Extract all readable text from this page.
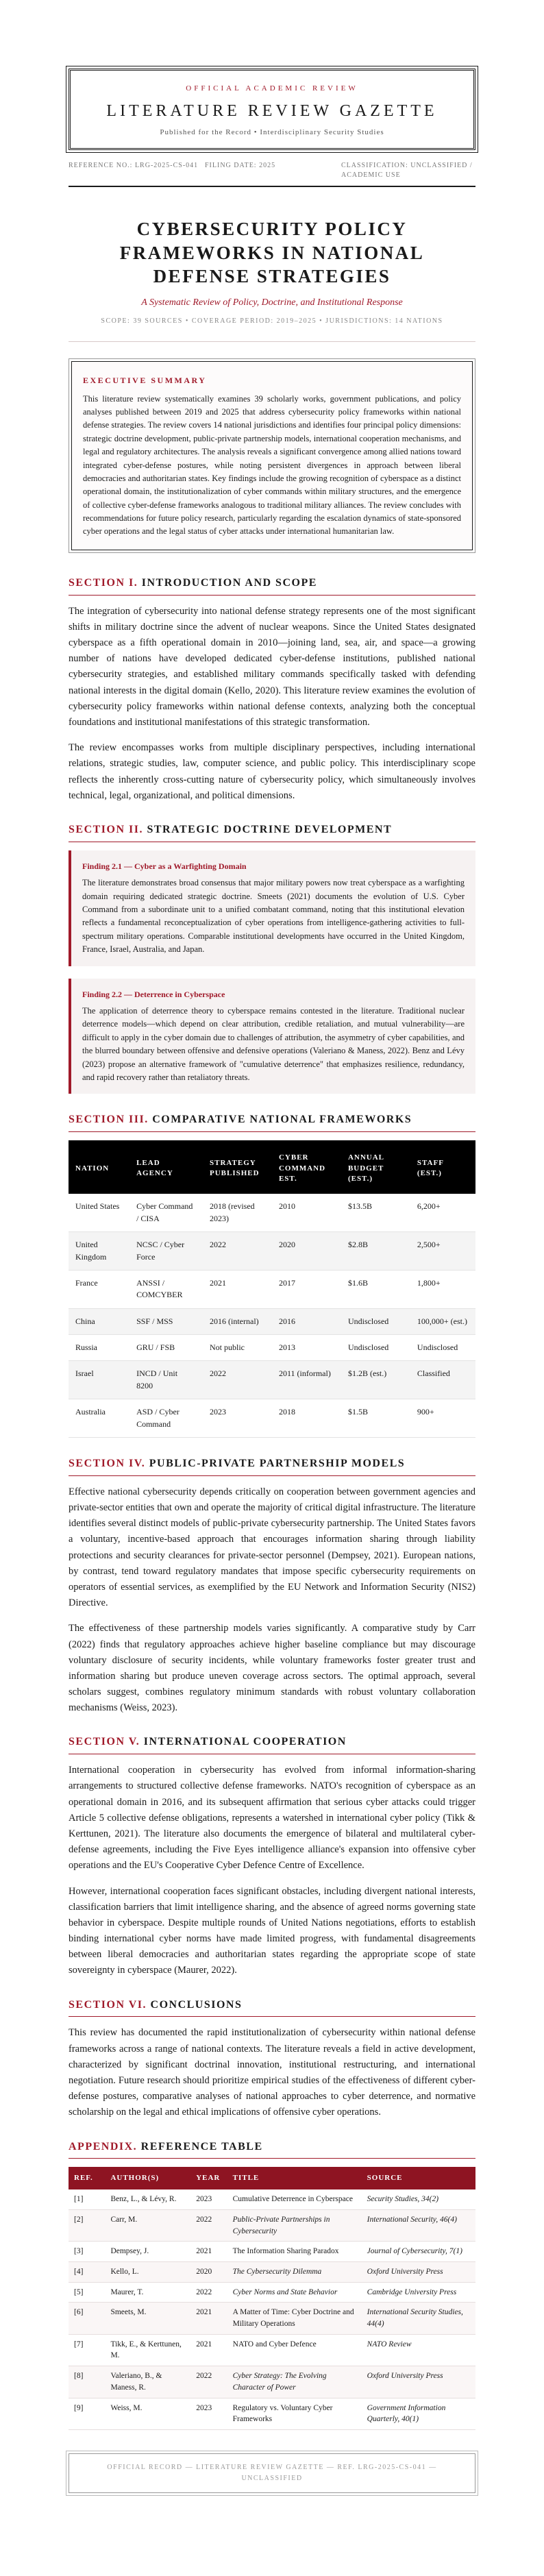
OFFICIAL ACADEMIC REVIEW
LITERATURE REVIEW GAZETTE
Published for the Record • Interdisciplinary Security Studies
REFERENCE NO.: LRG-2025-CS-041 FILING DATE: 2025	CLASSIFICATION: UNCLASSIFIED / ACADEMIC USE
CYBERSECURITY POLICY FRAMEWORKS IN NATIONAL DEFENSE STRATEGIES
A Systematic Review of Policy, Doctrine, and Institutional Response
SCOPE: 39 SOURCES • COVERAGE PERIOD: 2019–2025 • JURISDICTIONS: 14 NATIONS
EXECUTIVE SUMMARY

This literature review systematically examines 39 scholarly works, government publications, and policy analyses published between 2019 and 2025 that address cybersecurity policy frameworks within national defense strategies. The review covers 14 national jurisdictions and identifies four principal policy dimensions: strategic doctrine development, public-private partnership models, international cooperation mechanisms, and legal and regulatory architectures. The analysis reveals a significant convergence among allied nations toward integrated cyber-defense postures, while noting persistent divergences in approach between liberal democracies and authoritarian states. Key findings include the growing recognition of cyberspace as a distinct operational domain, the institutionalization of cyber commands within military structures, and the emergence of collective cyber-defense frameworks analogous to traditional military alliances. The review concludes with recommendations for future policy research, particularly regarding the escalation dynamics of state-sponsored cyber operations and the legal status of cyber attacks under international humanitarian law.

SECTION I. INTRODUCTION AND SCOPE

The integration of cybersecurity into national defense strategy represents one of the most significant shifts in military doctrine since the advent of nuclear weapons. Since the United States designated cyberspace as a fifth operational domain in 2010—joining land, sea, air, and space—a growing number of nations have developed dedicated cyber-defense institutions, published national cybersecurity strategies, and established military commands specifically tasked with defending national interests in the digital domain (Kello, 2020). This literature review examines the evolution of cybersecurity policy frameworks within national defense contexts, analyzing both the conceptual foundations and institutional manifestations of this strategic transformation.

The review encompasses works from multiple disciplinary perspectives, including international relations, strategic studies, law, computer science, and public policy. This interdisciplinary scope reflects the inherently cross-cutting nature of cybersecurity policy, which simultaneously involves technical, legal, organizational, and political dimensions.

SECTION II. STRATEGIC DOCTRINE DEVELOPMENT
Finding 2.1 — Cyber as a Warfighting Domain

The literature demonstrates broad consensus that major military powers now treat cyberspace as a warfighting domain requiring dedicated strategic doctrine. Smeets (2021) documents the evolution of U.S. Cyber Command from a subordinate unit to a unified combatant command, noting that this institutional elevation reflects a fundamental reconceptualization of cyber operations from intelligence-gathering activities to full-spectrum military operations. Comparable institutional developments have occurred in the United Kingdom, France, Israel, Australia, and Japan.

Finding 2.2 — Deterrence in Cyberspace

The application of deterrence theory to cyberspace remains contested in the literature. Traditional nuclear deterrence models—which depend on clear attribution, credible retaliation, and mutual vulnerability—are difficult to apply in the cyber domain due to challenges of attribution, the asymmetry of cyber capabilities, and the blurred boundary between offensive and defensive operations (Valeriano & Maness, 2022). Benz and Lévy (2023) propose an alternative framework of "cumulative deterrence" that emphasizes resilience, redundancy, and rapid recovery rather than retaliatory threats.

SECTION III. COMPARATIVE NATIONAL FRAMEWORKS
NATION	LEAD AGENCY	STRATEGY PUBLISHED	CYBER COMMAND EST.	ANNUAL BUDGET (EST.)	STAFF (EST.)
United States	Cyber Command / CISA	2018 (revised 2023)	2010	$13.5B	6,200+
United Kingdom	NCSC / Cyber Force	2022	2020	$2.8B	2,500+
France	ANSSI / COMCYBER	2021	2017	$1.6B	1,800+
China	SSF / MSS	2016 (internal)	2016	Undisclosed	100,000+ (est.)
Russia	GRU / FSB	Not public	2013	Undisclosed	Undisclosed
Israel	INCD / Unit 8200	2022	2011 (informal)	$1.2B (est.)	Classified
Australia	ASD / Cyber Command	2023	2018	$1.5B	900+
SECTION IV. PUBLIC-PRIVATE PARTNERSHIP MODELS

Effective national cybersecurity depends critically on cooperation between government agencies and private-sector entities that own and operate the majority of critical digital infrastructure. The literature identifies several distinct models of public-private cybersecurity partnership. The United States favors a voluntary, incentive-based approach that encourages information sharing through liability protections and security clearances for private-sector personnel (Dempsey, 2021). European nations, by contrast, tend toward regulatory mandates that impose specific cybersecurity requirements on operators of essential services, as exemplified by the EU Network and Information Security (NIS2) Directive.

The effectiveness of these partnership models varies significantly. A comparative study by Carr (2022) finds that regulatory approaches achieve higher baseline compliance but may discourage voluntary disclosure of security incidents, while voluntary frameworks foster greater trust and information sharing but produce uneven coverage across sectors. The optimal approach, several scholars suggest, combines regulatory minimum standards with robust voluntary collaboration mechanisms (Weiss, 2023).

SECTION V. INTERNATIONAL COOPERATION

International cooperation in cybersecurity has evolved from informal information-sharing arrangements to structured collective defense frameworks. NATO's recognition of cyberspace as an operational domain in 2016, and its subsequent affirmation that serious cyber attacks could trigger Article 5 collective defense obligations, represents a watershed in international cyber policy (Tikk & Kerttunen, 2021). The literature also documents the emergence of bilateral and multilateral cyber-defense agreements, including the Five Eyes intelligence alliance's expansion into offensive cyber operations and the EU's Cooperative Cyber Defence Centre of Excellence.

However, international cooperation faces significant obstacles, including divergent national interests, classification barriers that limit intelligence sharing, and the absence of agreed norms governing state behavior in cyberspace. Despite multiple rounds of United Nations negotiations, efforts to establish binding international cyber norms have made limited progress, with fundamental disagreements between liberal democracies and authoritarian states regarding the appropriate scope of state sovereignty in cyberspace (Maurer, 2022).

SECTION VI. CONCLUSIONS

This review has documented the rapid institutionalization of cybersecurity within national defense frameworks across a range of national contexts. The literature reveals a field in active development, characterized by significant doctrinal innovation, institutional restructuring, and international negotiation. Future research should prioritize empirical studies of the effectiveness of different cyber-defense postures, comparative analyses of national approaches to cyber deterrence, and normative scholarship on the legal and ethical implications of offensive cyber operations.

APPENDIX. REFERENCE TABLE
REF.	AUTHOR(S)	YEAR	TITLE	SOURCE
[1]	Benz, L., & Lévy, R.	2023	Cumulative Deterrence in Cyberspace	Security Studies, 34(2)
[2]	Carr, M.	2022	Public-Private Partnerships in Cybersecurity	International Security, 46(4)
[3]	Dempsey, J.	2021	The Information Sharing Paradox	Journal of Cybersecurity, 7(1)
[4]	Kello, L.	2020	The Cybersecurity Dilemma	Oxford University Press
[5]	Maurer, T.	2022	Cyber Norms and State Behavior	Cambridge University Press
[6]	Smeets, M.	2021	A Matter of Time: Cyber Doctrine and Military Operations	International Security Studies, 44(4)
[7]	Tikk, E., & Kerttunen, M.	2021	NATO and Cyber Defence	NATO Review
[8]	Valeriano, B., & Maness, R.	2022	Cyber Strategy: The Evolving Character of Power	Oxford University Press
[9]	Weiss, M.	2023	Regulatory vs. Voluntary Cyber Frameworks	Government Information Quarterly, 40(1)
OFFICIAL RECORD — LITERATURE REVIEW GAZETTE — REF. LRG-2025-CS-041 — UNCLASSIFIED
